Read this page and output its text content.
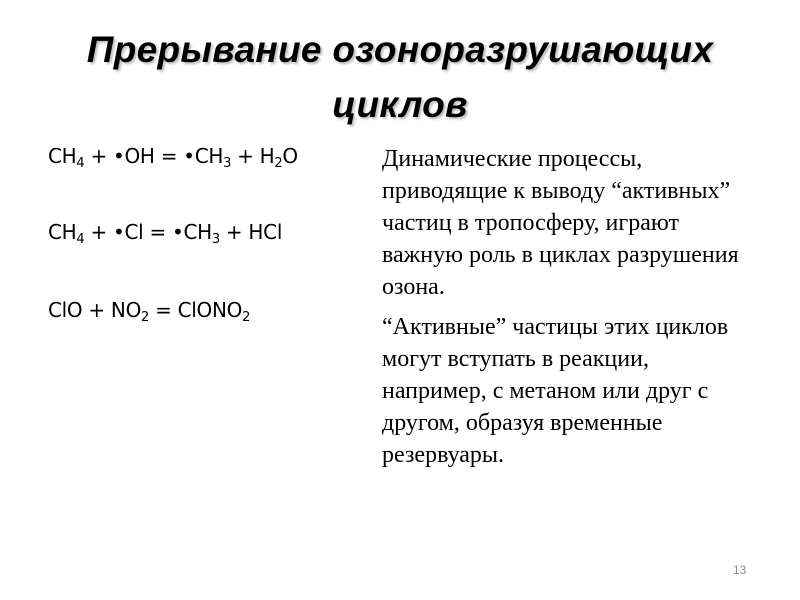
Прерывание озоноразрушающих циклов
$CH_4$ + •OH = $•CH_3 + H_2O$
$CH_4$ + •Cl = $•CH_3$ + HCl
ClO + $NO_2$ = ClONO$_2$

Динамические процессы, приводящие к выводу “активных” частиц в тропосферу, играют важную роль в циклах разрушения озона.

“Активные” частицы этих циклов могут вступать в реакции, например, с метаном или друг с другом, образуя временные резервуары.

13
